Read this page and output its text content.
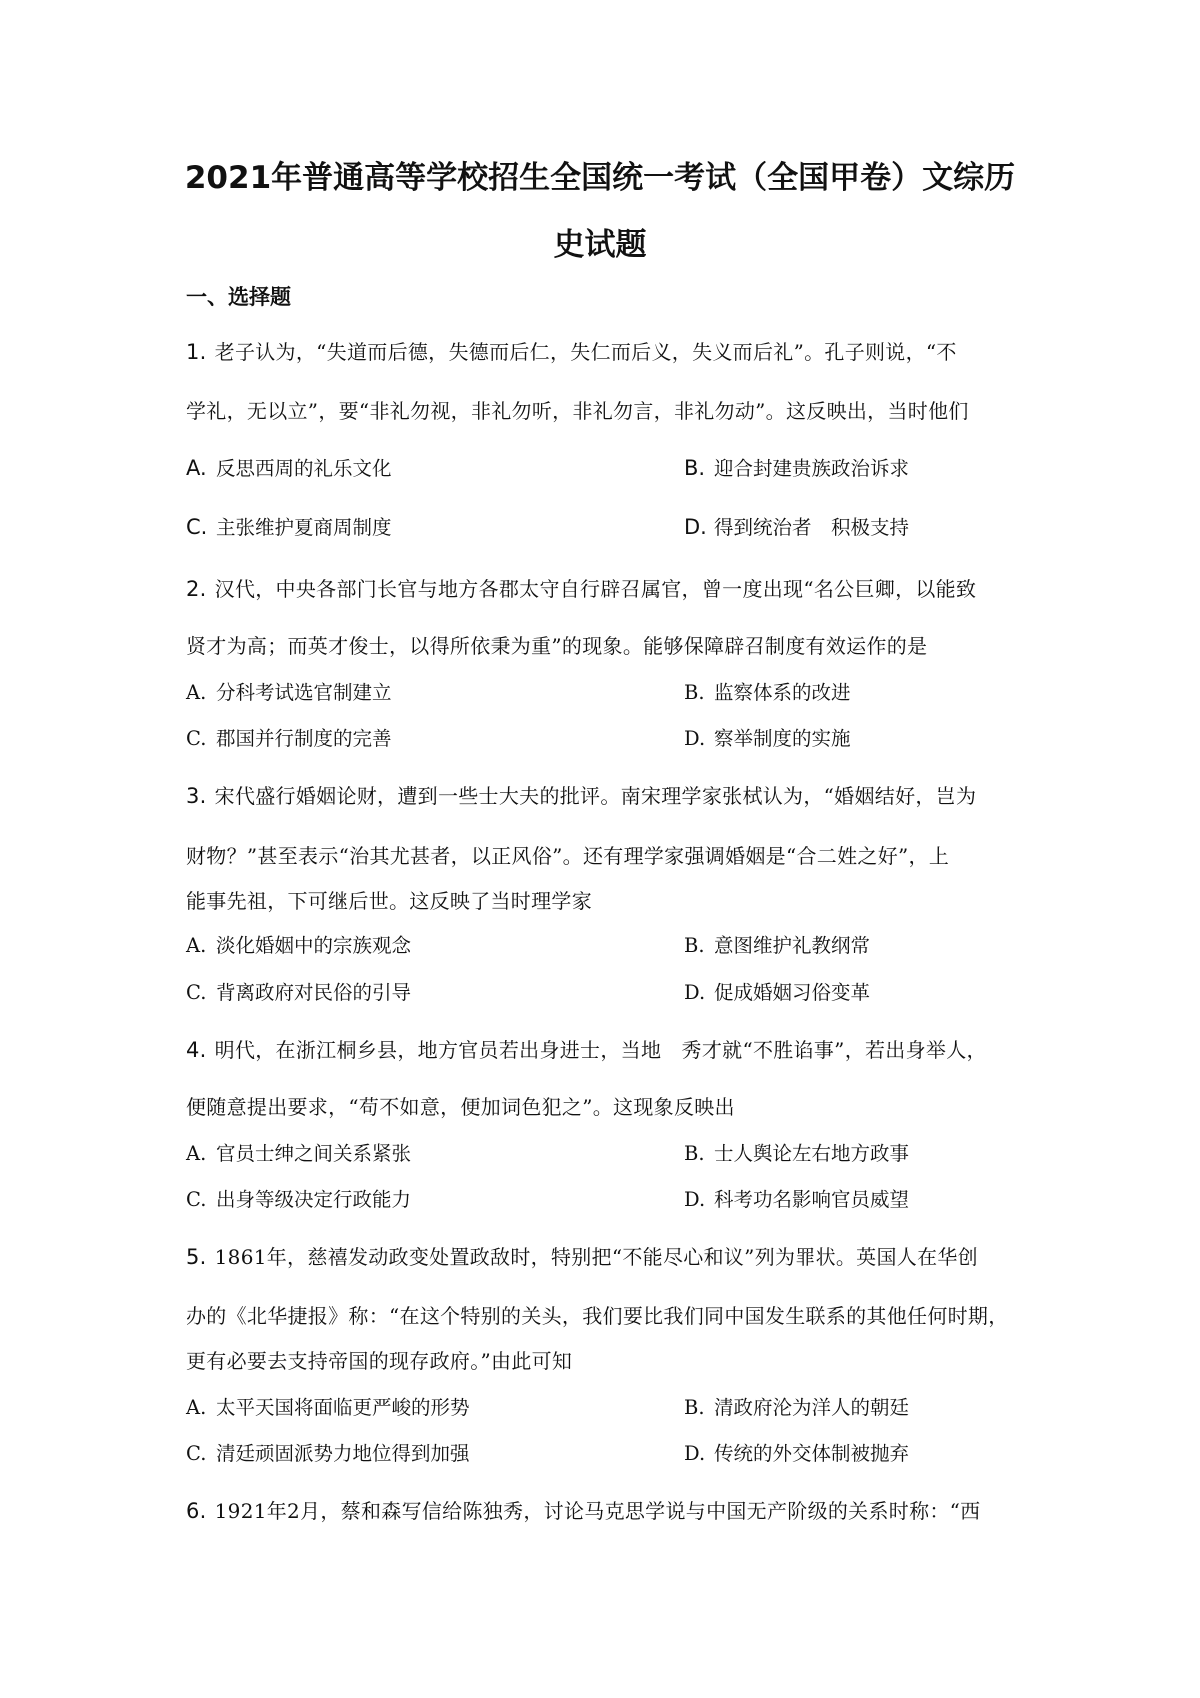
2021年普通高等学校招生全国统一考试（全国甲卷）文综历
史试题
一、选择题
1. 老子认为，“失道而后德，失德而后仁，失仁而后义，失义而后礼”。孔子则说，“不
学礼，无以立”，要“非礼勿视，非礼勿听，非礼勿言，非礼勿动”。这反映出，当时他们
A. 反思西周的礼乐文化	B. 迎合封建贵族政治诉求
C. 主张维护夏商周制度	D. 得到统治者　积极支持
2. 汉代，中央各部门长官与地方各郡太守自行辟召属官，曾一度出现“名公巨卿，以能致
贤才为高；而英才俊士，以得所依秉为重”的现象。能够保障辟召制度有效运作的是
A. 分科考试选官制建立	B. 监察体系的改进
C. 郡国并行制度的完善	D. 察举制度的实施
3. 宋代盛行婚姻论财，遭到一些士大夫的批评。南宋理学家张栻认为，“婚姻结好，岂为
财物？”甚至表示“治其尤甚者，以正风俗”。还有理学家强调婚姻是“合二姓之好”，上
能事先祖，下可继后世。这反映了当时理学家
A. 淡化婚姻中的宗族观念	B. 意图维护礼教纲常
C. 背离政府对民俗的引导	D. 促成婚姻习俗变革
4. 明代，在浙江桐乡县，地方官员若出身进士，当地　秀才就“不胜谄事”，若出身举人，
便随意提出要求，“苟不如意，便加词色犯之”。这现象反映出
A. 官员士绅之间关系紧张	B. 士人舆论左右地方政事
C. 出身等级决定行政能力	D. 科考功名影响官员威望
5. 1861年，慈禧发动政变处置政敌时，特别把“不能尽心和议”列为罪状。英国人在华创
办的《北华捷报》称：“在这个特别的关头，我们要比我们同中国发生联系的其他任何时期，
更有必要去支持帝国的现存政府。”由此可知
A. 太平天国将面临更严峻的形势	B. 清政府沦为洋人的朝廷
C. 清廷顽固派势力地位得到加强	D. 传统的外交体制被抛弃
6. 1921年2月，蔡和森写信给陈独秀，讨论马克思学说与中国无产阶级的关系时称：“西
